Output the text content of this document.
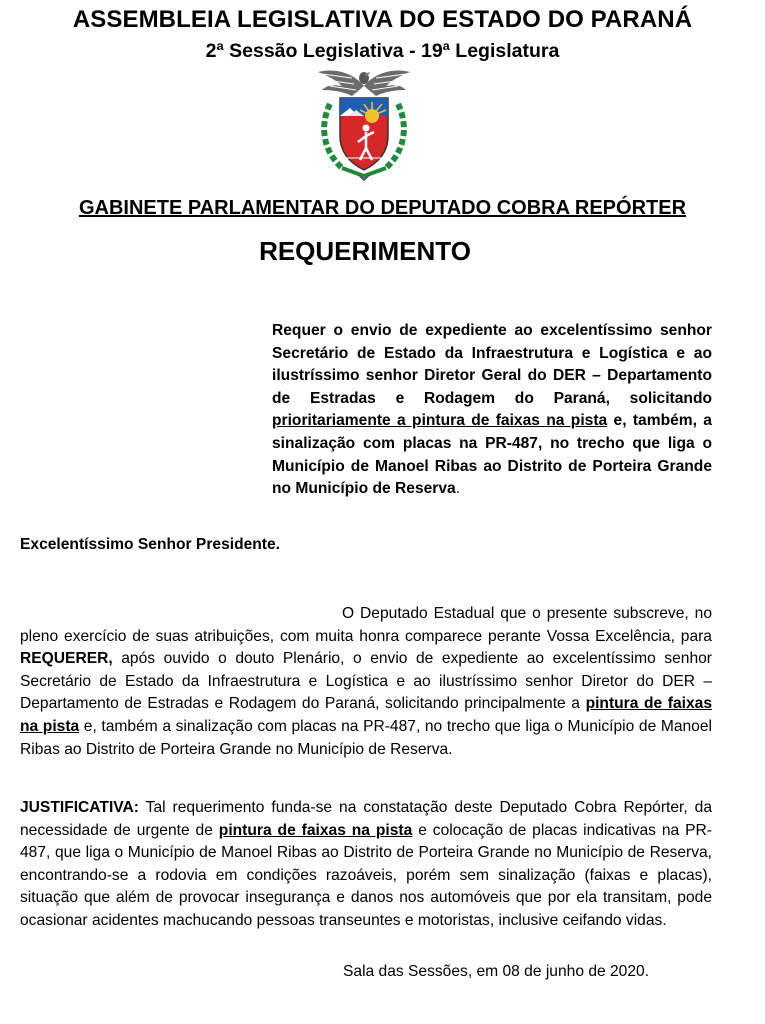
ASSEMBLEIA LEGISLATIVA DO ESTADO DO PARANÁ
2ª Sessão Legislativa - 19ª Legislatura
GABINETE PARLAMENTAR DO DEPUTADO COBRA REPÓRTER
REQUERIMENTO
Requer o envio de expediente ao excelentíssimo senhor Secretário de Estado da Infraestrutura e Logística e ao ilustríssimo senhor Diretor Geral do DER – Departamento de Estradas e Rodagem do Paraná, solicitando prioritariamente a pintura de faixas na pista e, também, a sinalização com placas na PR-487, no trecho que liga o Município de Manoel Ribas ao Distrito de Porteira Grande no Município de Reserva.
Excelentíssimo Senhor Presidente.
O Deputado Estadual que o presente subscreve, no pleno exercício de suas atribuições, com muita honra comparece perante Vossa Excelência, para REQUERER, após ouvido o douto Plenário, o envio de expediente ao excelentíssimo senhor Secretário de Estado da Infraestrutura e Logística e ao ilustríssimo senhor Diretor do DER – Departamento de Estradas e Rodagem do Paraná, solicitando principalmente a pintura de faixas na pista e, também a sinalização com placas na PR-487, no trecho que liga o Município de Manoel Ribas ao Distrito de Porteira Grande no Município de Reserva.
JUSTIFICATIVA: Tal requerimento funda-se na constatação deste Deputado Cobra Repórter, da necessidade de urgente de pintura de faixas na pista e colocação de placas indicativas na PR-487, que liga o Município de Manoel Ribas ao Distrito de Porteira Grande no Município de Reserva, encontrando-se a rodovia em condições razoáveis, porém sem sinalização (faixas e placas), situação que além de provocar insegurança e danos nos automóveis que por ela transitam, pode ocasionar acidentes machucando pessoas transeuntes e motoristas, inclusive ceifando vidas.
Sala das Sessões, em 08 de junho de 2020.
